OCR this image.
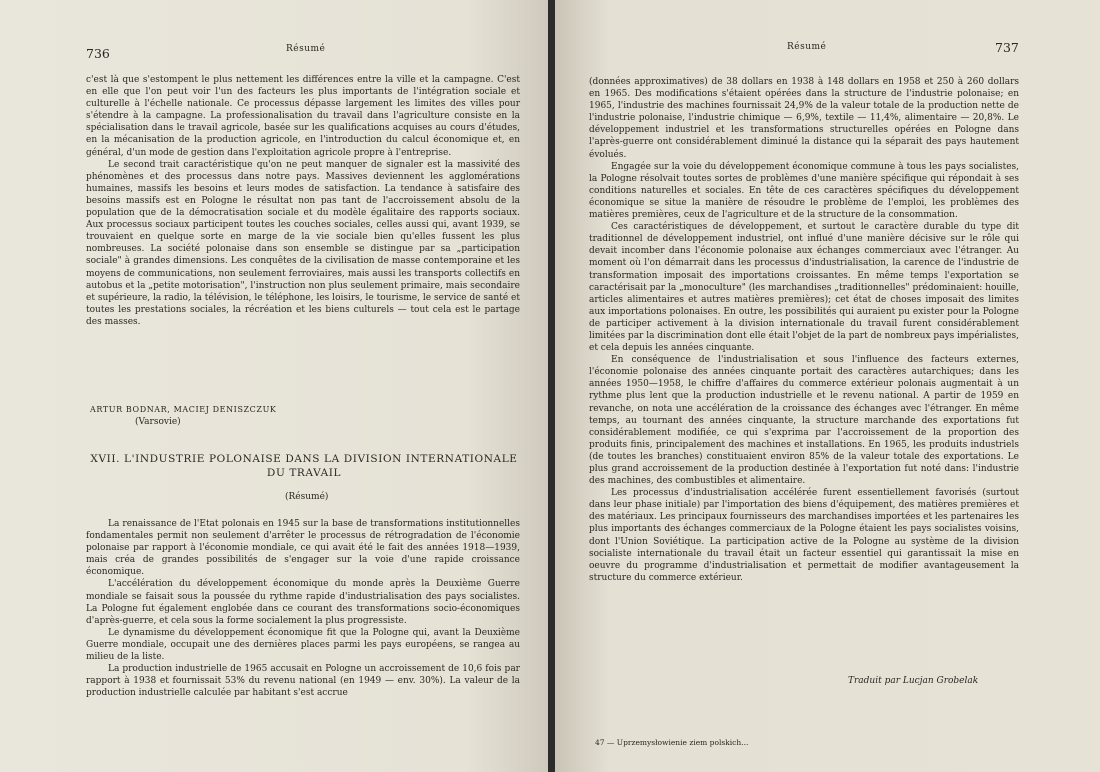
736	Résumé

c'est là que s'estompent le plus nettement les différences entre la ville et la campagne. C'est en elle que l'on peut voir l'un des facteurs les plus importants de l'intégration sociale et culturelle à l'échelle nationale. Ce processus dépasse largement les limites des villes pour s'étendre à la campagne. La professionalisation du travail dans l'agriculture consiste en la spécialisation dans le travail agricole, basée sur les qualifications acquises au cours d'études, en la mécanisation de la production agricole, en l'introduction du calcul économique et, en général, d'un mode de gestion dans l'exploitation agricole propre à l'entreprise.

Le second trait caractéristique qu'on ne peut manquer de signaler est la massivité des phénomènes et des processus dans notre pays. Massives deviennent les agglomérations humaines, massifs les besoins et leurs modes de satisfaction. La tendance à satisfaire des besoins massifs est en Pologne le résultat non pas tant de l'accroissement absolu de la population que de la démocratisation sociale et du modèle égalitaire des rapports sociaux. Aux processus sociaux participent toutes les couches sociales, celles aussi qui, avant 1939, se trouvaient en quelque sorte en marge de la vie sociale bien qu'elles fussent les plus nombreuses. La société polonaise dans son ensemble se distingue par sa „participation sociale" à grandes dimensions. Les conquêtes de la civilisation de masse contemporaine et les moyens de communications, non seulement ferroviaires, mais aussi les transports collectifs en autobus et la „petite motorisation", l'instruction non plus seulement primaire, mais secondaire et supérieure, la radio, la télévision, le téléphone, les loisirs, le tourisme, le service de santé et toutes les prestations sociales, la récréation et les biens culturels — tout cela est le partage des masses.

ARTUR BODNAR, MACIEJ DENISZCZUK
(Varsovie)
XVII. L'INDUSTRIE POLONAISE DANS LA DIVISION INTERNATIONALE
DU TRAVAIL
(Résumé)

La renaissance de l'Etat polonais en 1945 sur la base de transformations institutionnelles fondamentales permit non seulement d'arrêter le processus de rétrogradation de l'économie polonaise par rapport à l'économie mondiale, ce qui avait été le fait des années 1918—1939, mais créa de grandes possibilités de s'engager sur la voie d'une rapide croissance économique.

L'accélération du développement économique du monde après la Deuxième Guerre mondiale se faisait sous la poussée du rythme rapide d'industrialisation des pays socialistes. La Pologne fut également englobée dans ce courant des transformations socio-économiques d'après-guerre, et cela sous la forme socialement la plus progressiste.

Le dynamisme du développement économique fit que la Pologne qui, avant la Deuxième Guerre mondiale, occupait une des dernières places parmi les pays européens, se rangea au milieu de la liste.

La production industrielle de 1965 accusait en Pologne un accroissement de 10,6 fois par rapport à 1938 et fournissait 53% du revenu national (en 1949 — env. 30%). La valeur de la production industrielle calculée par habitant s'est accrue

Résumé	737

(données approximatives) de 38 dollars en 1938 à 148 dollars en 1958 et 250 à 260 dollars en 1965. Des modifications s'étaient opérées dans la structure de l'industrie polonaise; en 1965, l'industrie des machines fournissait 24,9% de la valeur totale de la production nette de l'industrie polonaise, l'industrie chimique — 6,9%, textile — 11,4%, alimentaire — 20,8%. Le développement industriel et les transformations structurelles opérées en Pologne dans l'après-guerre ont considérablement diminué la distance qui la séparait des pays hautement évolués.

Engagée sur la voie du développement économique commune à tous les pays socialistes, la Pologne résolvait toutes sortes de problèmes d'une manière spécifique qui répondait à ses conditions naturelles et sociales. En tête de ces caractères spécifiques du développement économique se situe la manière de résoudre le problème de l'emploi, les problèmes des matières premières, ceux de l'agriculture et de la structure de la consommation.

Ces caractéristiques de développement, et surtout le caractère durable du type dit traditionnel de développement industriel, ont influé d'une manière décisive sur le rôle qui devait incomber dans l'économie polonaise aux échanges commerciaux avec l'étranger. Au moment où l'on démarrait dans les processus d'industrialisation, la carence de l'industrie de transformation imposait des importations croissantes. En même temps l'exportation se caractérisait par la „monoculture" (les marchandises „traditionnelles" prédominaient: houille, articles alimentaires et autres matières premières); cet état de choses imposait des limites aux importations polonaises. En outre, les possibilités qui auraient pu exister pour la Pologne de participer activement à la division internationale du travail furent considérablement limitées par la discrimination dont elle était l'objet de la part de nombreux pays impérialistes, et cela depuis les années cinquante.

En conséquence de l'industrialisation et sous l'influence des facteurs externes, l'économie polonaise des années cinquante portait des caractères autarchiques; dans les années 1950—1958, le chiffre d'affaires du commerce extérieur polonais augmentait à un rythme plus lent que la production industrielle et le revenu national. A partir de 1959 en revanche, on nota une accélération de la croissance des échanges avec l'étranger. En même temps, au tournant des années cinquante, la structure marchande des exportations fut considérablement modifiée, ce qui s'exprima par l'accroissement de la proportion des produits finis, principalement des machines et installations. En 1965, les produits industriels (de toutes les branches) constituaient environ 85% de la valeur totale des exportations. Le plus grand accroissement de la production destinée à l'exportation fut noté dans: l'industrie des machines, des combustibles et alimentaire.

Les processus d'industrialisation accélérée furent essentiellement favorisés (surtout dans leur phase initiale) par l'importation des biens d'équipement, des matières premières et des matériaux. Les principaux fournisseurs des marchandises importées et les partenaires les plus importants des échanges commerciaux de la Pologne étaient les pays socialistes voisins, dont l'Union Soviétique. La participation active de la Pologne au système de la division socialiste internationale du travail était un facteur essentiel qui garantissait la mise en oeuvre du programme d'industrialisation et permettait de modifier avantageusement la structure du commerce extérieur.

Traduit par Lucjan Grobelak
47 — Uprzemysłowienie ziem polskich...
